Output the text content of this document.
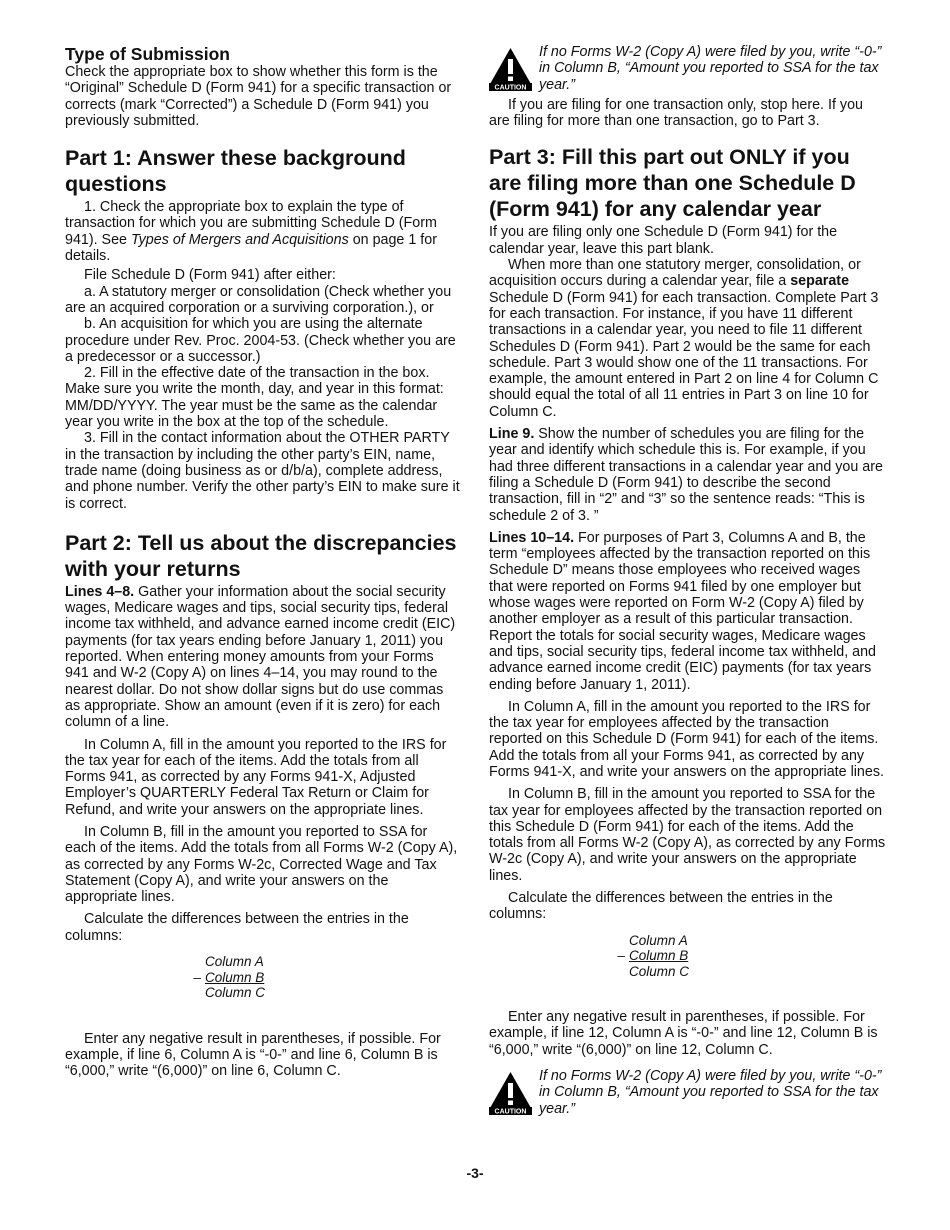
Type of Submission

Check the appropriate box to show whether this form is the “Original” Schedule D (Form 941) for a specific transaction or corrects (mark “Corrected”) a Schedule D (Form 941) you previously submitted.

Part 1: Answer these background questions

1. Check the appropriate box to explain the type of transaction for which you are submitting Schedule D (Form 941). See Types of Mergers and Acquisitions on page 1 for details.

File Schedule D (Form 941) after either:

a. A statutory merger or consolidation (Check whether you are an acquired corporation or a surviving corporation.), or

b. An acquisition for which you are using the alternate procedure under Rev. Proc. 2004-53. (Check whether you are a predecessor or a successor.)

2. Fill in the effective date of the transaction in the box. Make sure you write the month, day, and year in this format: MM/DD/YYYY. The year must be the same as the calendar year you write in the box at the top of the schedule.

3. Fill in the contact information about the OTHER PARTY in the transaction by including the other party’s EIN, name, trade name (doing business as or d/b/a), complete address, and phone number. Verify the other party’s EIN to make sure it is correct.

Part 2: Tell us about the discrepancies with your returns

Lines 4–8. Gather your information about the social security wages, Medicare wages and tips, social security tips, federal income tax withheld, and advance earned income credit (EIC) payments (for tax years ending before January 1, 2011) you reported. When entering money amounts from your Forms 941 and W-2 (Copy A) on lines 4–14, you may round to the nearest dollar. Do not show dollar signs but do use commas as appropriate. Show an amount (even if it is zero) for each column of a line.

In Column A, fill in the amount you reported to the IRS for the tax year for each of the items. Add the totals from all Forms 941, as corrected by any Forms 941-X, Adjusted Employer’s QUARTERLY Federal Tax Return or Claim for Refund, and write your answers on the appropriate lines.

In Column B, fill in the amount you reported to SSA for each of the items. Add the totals from all Forms W-2 (Copy A), as corrected by any Forms W-2c, Corrected Wage and Tax Statement (Copy A), and write your answers on the appropriate lines.

Calculate the differences between the entries in the columns:

Column A
– Column B
Column C

Enter any negative result in parentheses, if possible. For example, if line 6, Column A is “-0-” and line 6, Column B is “6,000,” write “(6,000)” on line 6, Column C.

CAUTION
If no Forms W-2 (Copy A) were filed by you, write “-0-” in Column B, “Amount you reported to SSA for the tax year.”

If you are filing for one transaction only, stop here. If you are filing for more than one transaction, go to Part 3.

Part 3: Fill this part out ONLY if you are filing more than one Schedule D (Form 941) for any calendar year

If you are filing only one Schedule D (Form 941) for the calendar year, leave this part blank.

When more than one statutory merger, consolidation, or acquisition occurs during a calendar year, file a separate Schedule D (Form 941) for each transaction. Complete Part 3 for each transaction. For instance, if you have 11 different transactions in a calendar year, you need to file 11 different Schedules D (Form 941). Part 2 would be the same for each schedule. Part 3 would show one of the 11 transactions. For example, the amount entered in Part 2 on line 4 for Column C should equal the total of all 11 entries in Part 3 on line 10 for Column C.

Line 9. Show the number of schedules you are filing for the year and identify which schedule this is. For example, if you had three different transactions in a calendar year and you are filing a Schedule D (Form 941) to describe the second transaction, fill in “2” and “3” so the sentence reads: “This is schedule 2 of 3. ”

Lines 10–14. For purposes of Part 3, Columns A and B, the term “employees affected by the transaction reported on this Schedule D” means those employees who received wages that were reported on Forms 941 filed by one employer but whose wages were reported on Form W-2 (Copy A) filed by another employer as a result of this particular transaction. Report the totals for social security wages, Medicare wages and tips, social security tips, federal income tax withheld, and advance earned income credit (EIC) payments (for tax years ending before January 1, 2011).

In Column A, fill in the amount you reported to the IRS for the tax year for employees affected by the transaction reported on this Schedule D (Form 941) for each of the items. Add the totals from all your Forms 941, as corrected by any Forms 941-X, and write your answers on the appropriate lines.

In Column B, fill in the amount you reported to SSA for the tax year for employees affected by the transaction reported on this Schedule D (Form 941) for each of the items. Add the totals from all Forms W-2 (Copy A), as corrected by any Forms W-2c (Copy A), and write your answers on the appropriate lines.

Calculate the differences between the entries in the columns:

Column A
– Column B
Column C

Enter any negative result in parentheses, if possible. For example, if line 12, Column A is “-0-” and line 12, Column B is “6,000,” write “(6,000)” on line 12, Column C.

CAUTION
If no Forms W-2 (Copy A) were filed by you, write “-0-” in Column B, “Amount you reported to SSA for the tax year.”
-3-
